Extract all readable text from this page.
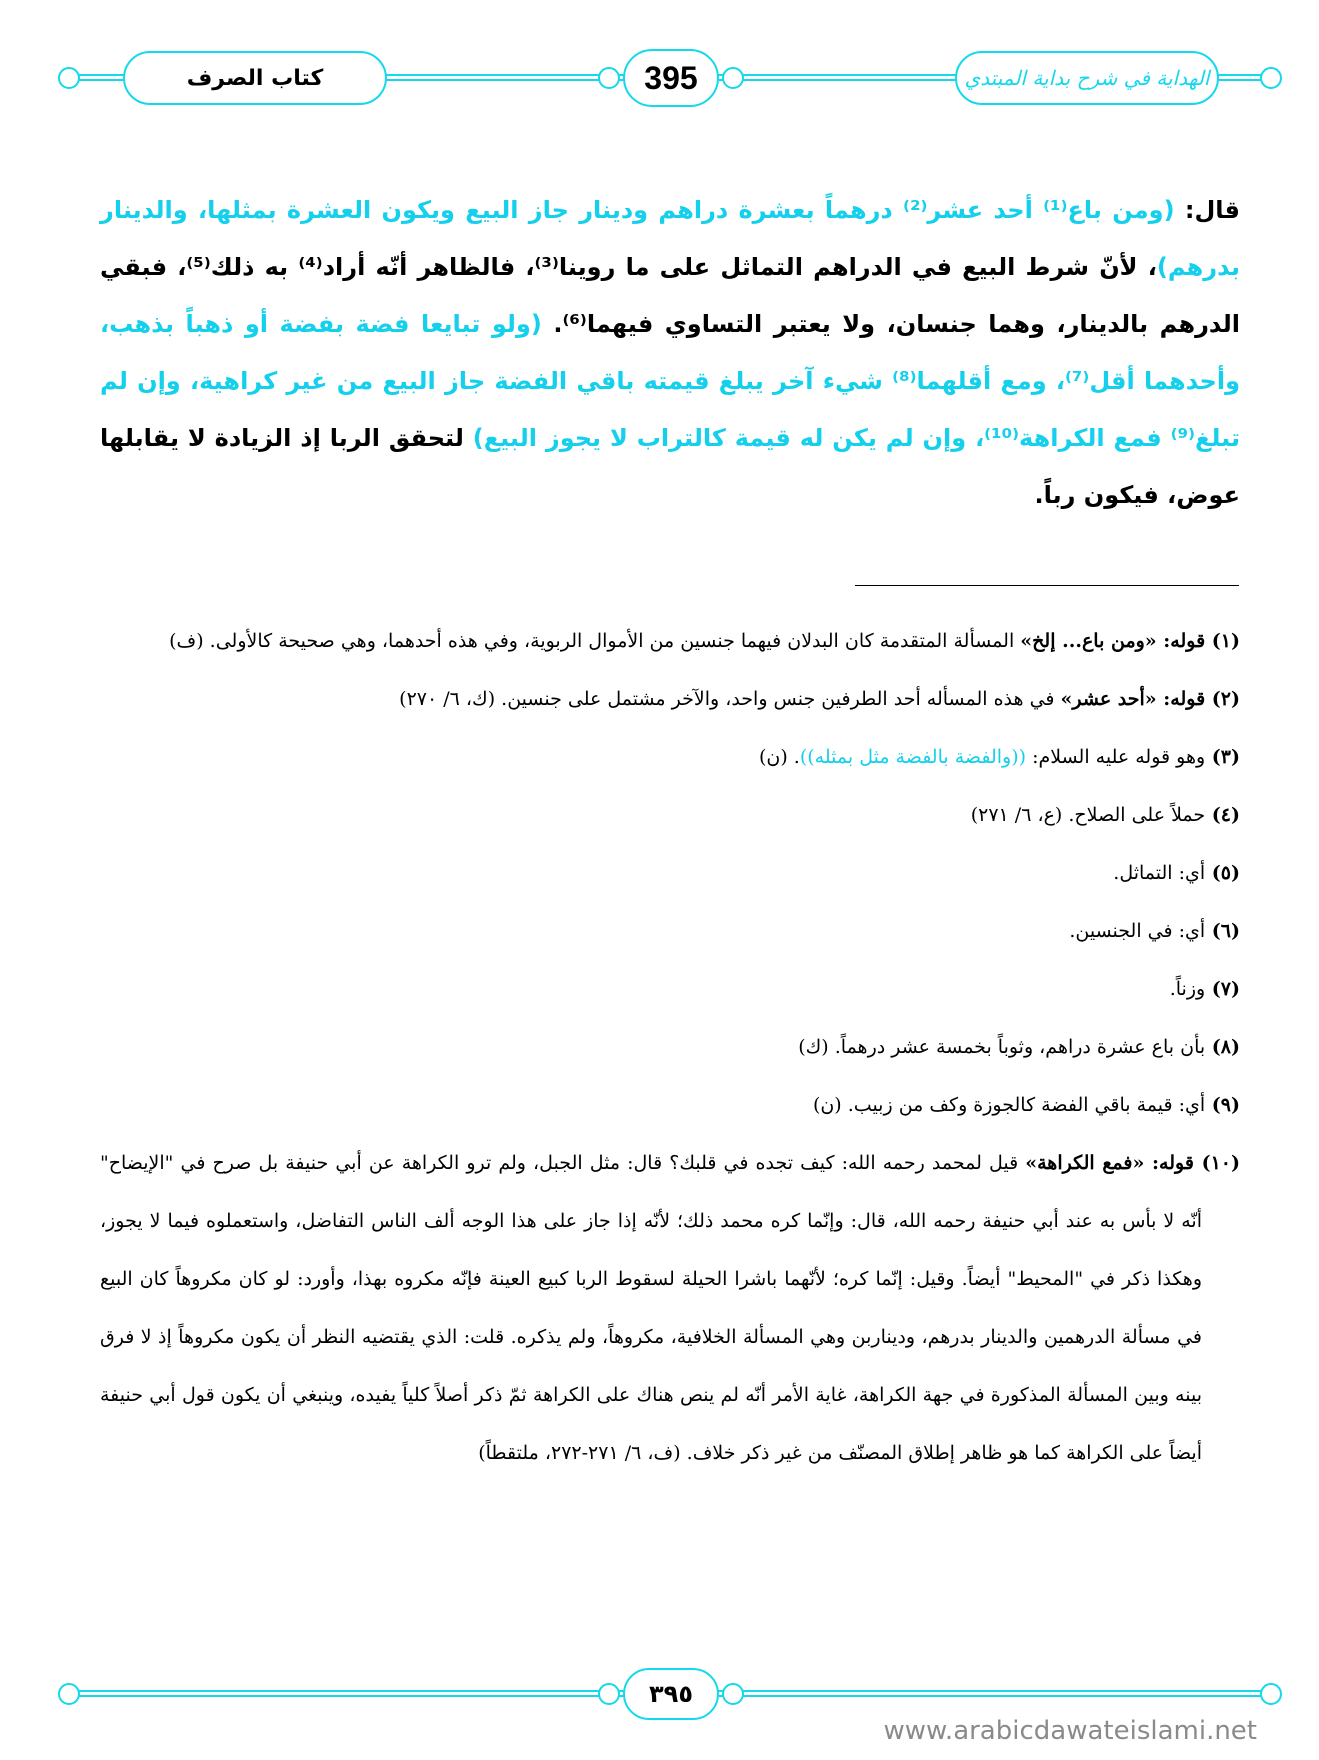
كتاب الصرف	395	الهداية في شرح بداية المبتدي
قال: (ومن باع⁽¹⁾ أحد عشر⁽²⁾ درهماً بعشرة دراهم ودينار جاز البيع ويكون العشرة بمثلها، والدينار بدرهم)، لأنّ شرط البيع في الدراهم التماثل على ما روينا⁽³⁾، فالظاهر أنّه أراد⁽⁴⁾ به ذلك⁽⁵⁾، فبقي الدرهم بالدينار، وهما جنسان، ولا يعتبر التساوي فيهما⁽⁶⁾. (ولو تبايعا فضة بفضة أو ذهباً بذهب، وأحدهما أقل⁽⁷⁾، ومع أقلهما⁽⁸⁾ شيء آخر يبلغ قيمته باقي الفضة جاز البيع من غير كراهية، وإن لم تبلغ⁽⁹⁾ فمع الكراهة⁽¹⁰⁾، وإن لم يكن له قيمة كالتراب لا يجوز البيع) لتحقق الربا إذ الزيادة لا يقابلها عوض، فيكون رباً.
(١) قوله: «ومن باع... إلخ» المسألة المتقدمة كان البدلان فيهما جنسين من الأموال الربوية، وفي هذه أحدهما، وهي صحيحة كالأولى. (ف)
(٢) قوله: «أحد عشر» في هذه المسأله أحد الطرفين جنس واحد، والآخر مشتمل على جنسين. (ك، ٦/ ٢٧٠)
(٣) وهو قوله عليه السلام: ((والفضة بالفضة مثل بمثله)). (ن)
(٤) حملاً على الصلاح. (ع، ٦/ ٢٧١)
(٥) أي: التماثل.
(٦) أي: في الجنسين.
(٧) وزناً.
(٨) بأن باع عشرة دراهم، وثوباً بخمسة عشر درهماً. (ك)
(٩) أي: قيمة باقي الفضة كالجوزة وكف من زبيب. (ن)
(١٠) قوله: «فمع الكراهة» قيل لمحمد رحمه الله: كيف تجده في قلبك؟ قال: مثل الجبل، ولم ترو الكراهة عن أبي حنيفة بل صرح في "الإيضاح" أنّه لا بأس به عند أبي حنيفة رحمه الله، قال: وإنّما كره محمد ذلك؛ لأنّه إذا جاز على هذا الوجه ألف الناس التفاضل، واستعملوه فيما لا يجوز، وهكذا ذكر في "المحيط" أيضاً. وقيل: إنّما كره؛ لأنّهما باشرا الحيلة لسقوط الربا كبيع العينة فإنّه مكروه بهذا، وأورد: لو كان مكروهاً كان البيع في مسألة الدرهمين والدينار بدرهم، وديناربن وهي المسألة الخلافية، مكروهاً، ولم يذكره. قلت: الذي يقتضيه النظر أن يكون مكروهاً إذ لا فرق بينه وبين المسألة المذكورة في جهة الكراهة، غاية الأمر أنّه لم ينص هناك على الكراهة ثمّ ذكر أصلاً كلياً يفيده، وينبغي أن يكون قول أبي حنيفة أيضاً على الكراهة كما هو ظاهر إطلاق المصنّف من غير ذكر خلاف. (ف، ٦/ ٢٧١-٢٧٢، ملتقطاً)
٣٩٥
www.arabicdawateislami.net
